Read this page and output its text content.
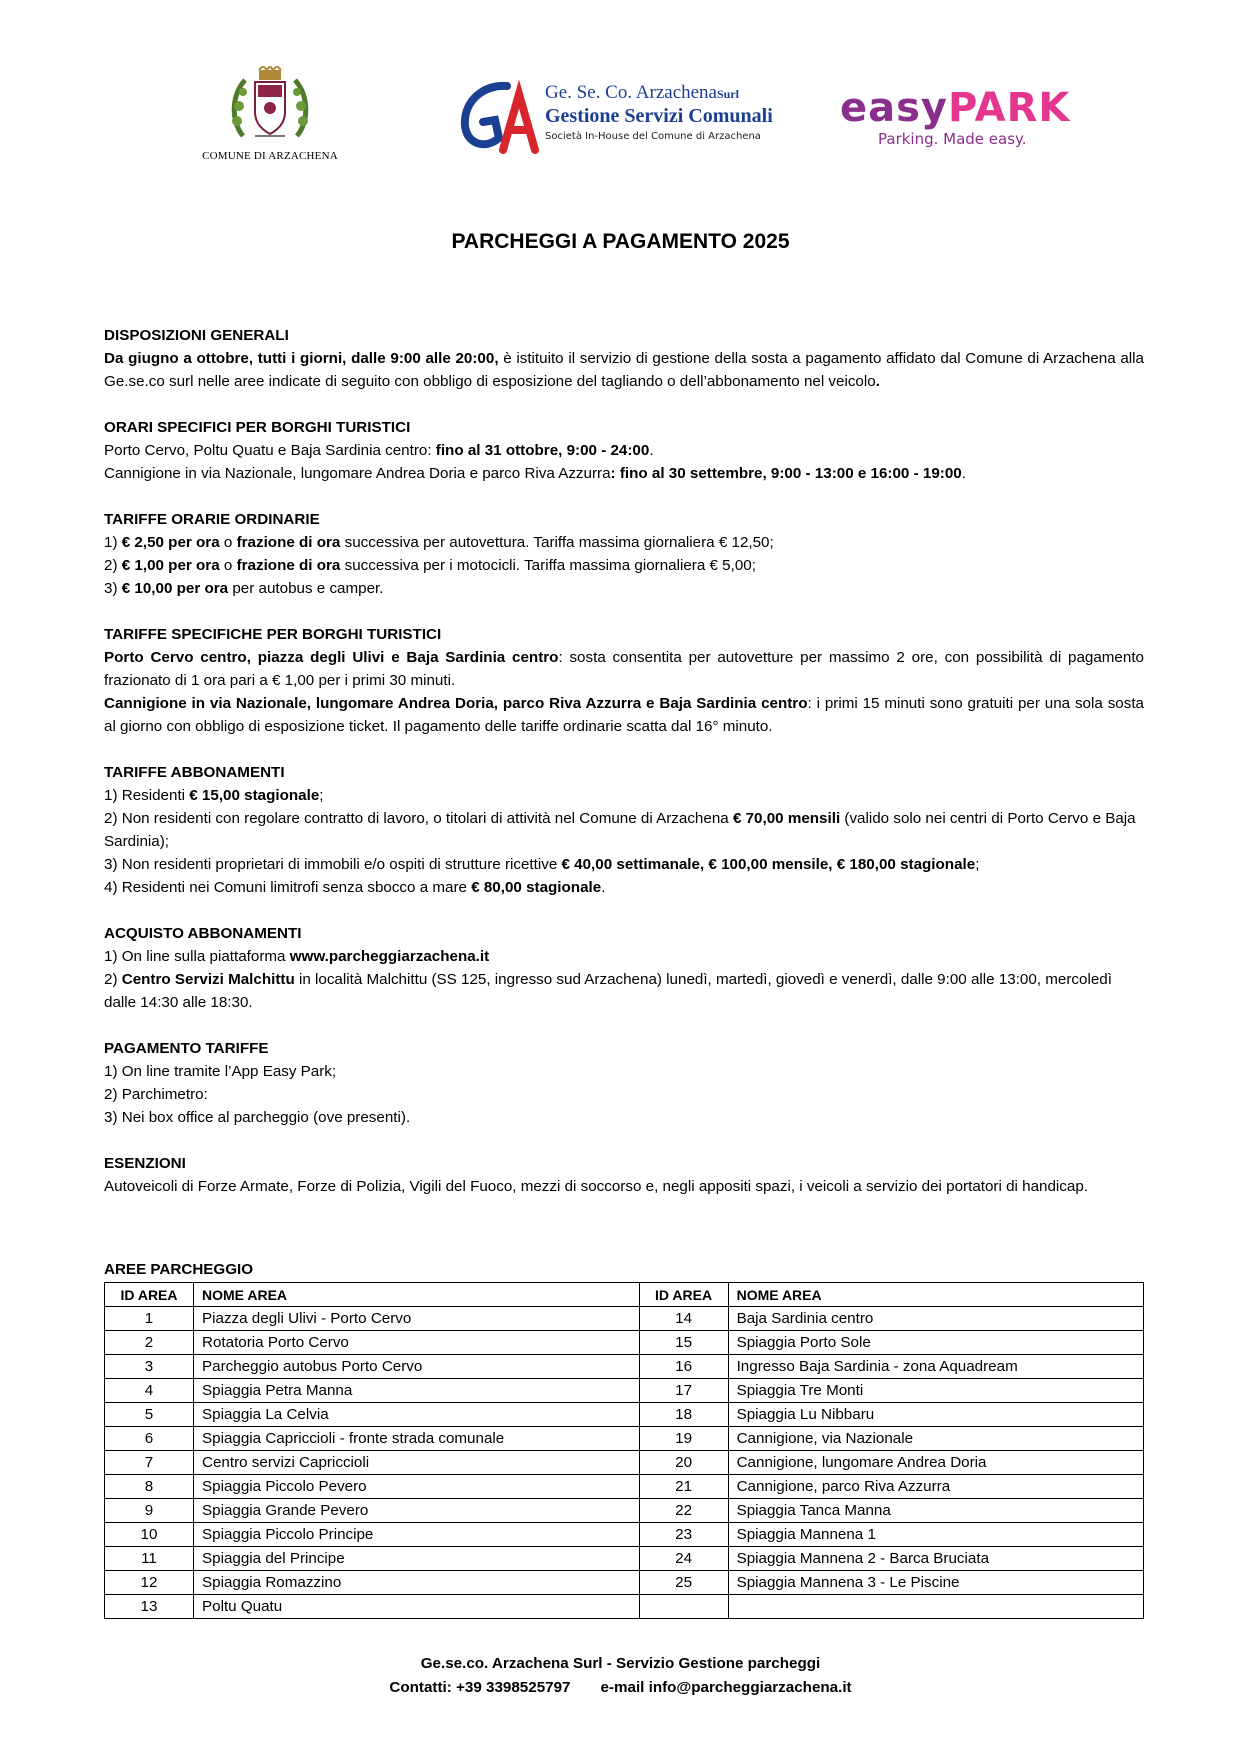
COMUNE DI ARZACHENA
Ge. Se. Co. ArzachenaSurl
Gestione Servizi Comunali
Società In-House del Comune di Arzachena
easyPARK
Parking. Made easy.
PARCHEGGI A PAGAMENTO 2025

DISPOSIZIONI GENERALI

Da giugno a ottobre, tutti i giorni, dalle 9:00 alle 20:00, è istituito il servizio di gestione della sosta a pagamento affidato dal Comune di Arzachena alla Ge.se.co surl nelle aree indicate di seguito con obbligo di esposizione del tagliando o dell’abbonamento nel veicolo.

ORARI SPECIFICI PER BORGHI TURISTICI

Porto Cervo, Poltu Quatu e Baja Sardinia centro: fino al 31 ottobre, 9:00 - 24:00.

Cannigione in via Nazionale, lungomare Andrea Doria e parco Riva Azzurra: fino al 30 settembre, 9:00 - 13:00 e 16:00 - 19:00.

TARIFFE ORARIE ORDINARIE

1) € 2,50 per ora o frazione di ora successiva per autovettura. Tariffa massima giornaliera € 12,50;

2) € 1,00 per ora o frazione di ora successiva per i motocicli. Tariffa massima giornaliera € 5,00;

3) € 10,00 per ora per autobus e camper.

TARIFFE SPECIFICHE PER BORGHI TURISTICI

Porto Cervo centro, piazza degli Ulivi e Baja Sardinia centro: sosta consentita per autovetture per massimo 2 ore, con possibilità di pagamento frazionato di 1 ora pari a € 1,00 per i primi 30 minuti.

Cannigione in via Nazionale, lungomare Andrea Doria, parco Riva Azzurra e Baja Sardinia centro: i primi 15 minuti sono gratuiti per una sola sosta al giorno con obbligo di esposizione ticket. Il pagamento delle tariffe ordinarie scatta dal 16° minuto.

TARIFFE ABBONAMENTI

1) Residenti € 15,00 stagionale;

2) Non residenti con regolare contratto di lavoro, o titolari di attività nel Comune di Arzachena € 70,00 mensili (valido solo nei centri di Porto Cervo e Baja Sardinia);

3) Non residenti proprietari di immobili e/o ospiti di strutture ricettive € 40,00 settimanale, € 100,00 mensile, € 180,00 stagionale;

4) Residenti nei Comuni limitrofi senza sbocco a mare € 80,00 stagionale.

ACQUISTO ABBONAMENTI

1) On line sulla piattaforma www.parcheggiarzachena.it

2) Centro Servizi Malchittu in località Malchittu (SS 125, ingresso sud Arzachena) lunedì, martedì, giovedì e venerdì, dalle 9:00 alle 13:00, mercoledì dalle 14:30 alle 18:30.

PAGAMENTO TARIFFE

1) On line tramite l’App Easy Park;

2) Parchimetro:

3) Nei box office al parcheggio (ove presenti).

ESENZIONI

Autoveicoli di Forze Armate, Forze di Polizia, Vigili del Fuoco, mezzi di soccorso e, negli appositi spazi, i veicoli a servizio dei portatori di handicap.

AREE PARCHEGGIO
ID AREA	NOME AREA	ID AREA	NOME AREA
1	Piazza degli Ulivi - Porto Cervo	14	Baja Sardinia centro
2	Rotatoria Porto Cervo	15	Spiaggia Porto Sole
3	Parcheggio autobus Porto Cervo	16	Ingresso Baja Sardinia - zona Aquadream
4	Spiaggia Petra Manna	17	Spiaggia Tre Monti
5	Spiaggia La Celvia	18	Spiaggia Lu Nibbaru
6	Spiaggia Capriccioli - fronte strada comunale	19	Cannigione, via Nazionale
7	Centro servizi Capriccioli	20	Cannigione, lungomare Andrea Doria
8	Spiaggia Piccolo Pevero	21	Cannigione, parco Riva Azzurra
9	Spiaggia Grande Pevero	22	Spiaggia Tanca Manna
10	Spiaggia Piccolo Principe	23	Spiaggia Mannena 1
11	Spiaggia del Principe	24	Spiaggia Mannena 2 - Barca Bruciata
12	Spiaggia Romazzino	25	Spiaggia Mannena 3 - Le Piscine
13	Poltu Quatu		
Ge.se.co. Arzachena Surl - Servizio Gestione parcheggi
Contatti: +39 3398525797 e-mail info@parcheggiarzachena.it
